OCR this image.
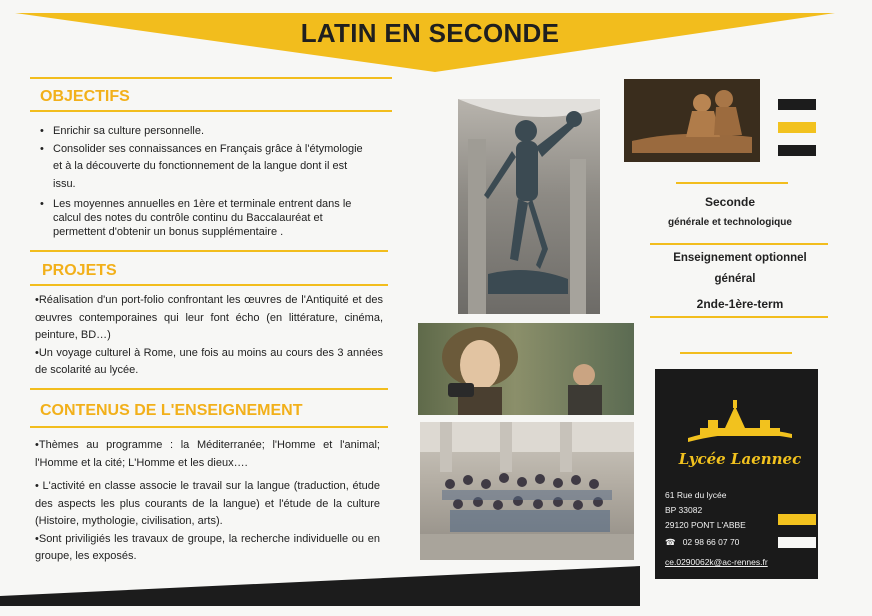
LATIN EN SECONDE
OBJECTIFS
• Enrichir sa culture personnelle.
• Consolider ses connaissances en Français grâce à l'étymologie et à la découverte du fonctionnement de la langue dont il est issu.
• Les moyennes annuelles en 1ère et terminale entrent dans le calcul des notes du contrôle continu du Baccalauréat et permettent d'obtenir un bonus supplémentaire .
PROJETS
•Réalisation d'un port-folio confrontant les œuvres de l'Antiquité et des œuvres contemporaines qui leur font écho (en littérature, cinéma, peinture, BD…)
•Un voyage culturel à Rome, une fois au moins au cours des 3 années de scolarité au lycée.
CONTENUS DE L'ENSEIGNEMENT
•Thèmes au programme : la Méditerranée; l'Homme et l'animal; l'Homme et la cité; L'Homme et les dieux….
• L'activité en classe associe le travail sur la langue (traduction, étude des aspects les plus courants de la langue) et l'étude de la culture (Histoire, mythologie, civilisation, arts).
•Sont priviligiés les travaux de groupe, la recherche individuelle ou en groupe, les exposés.
Seconde
générale et technologique
Enseignement optionnel
général
2nde-1ère-term
Lycée Laennec
61 Rue du lycée
BP 33082
29120 PONT L'ABBE
☎ 02 98 66 07 70
ce.0290062k@ac-rennes.fr
